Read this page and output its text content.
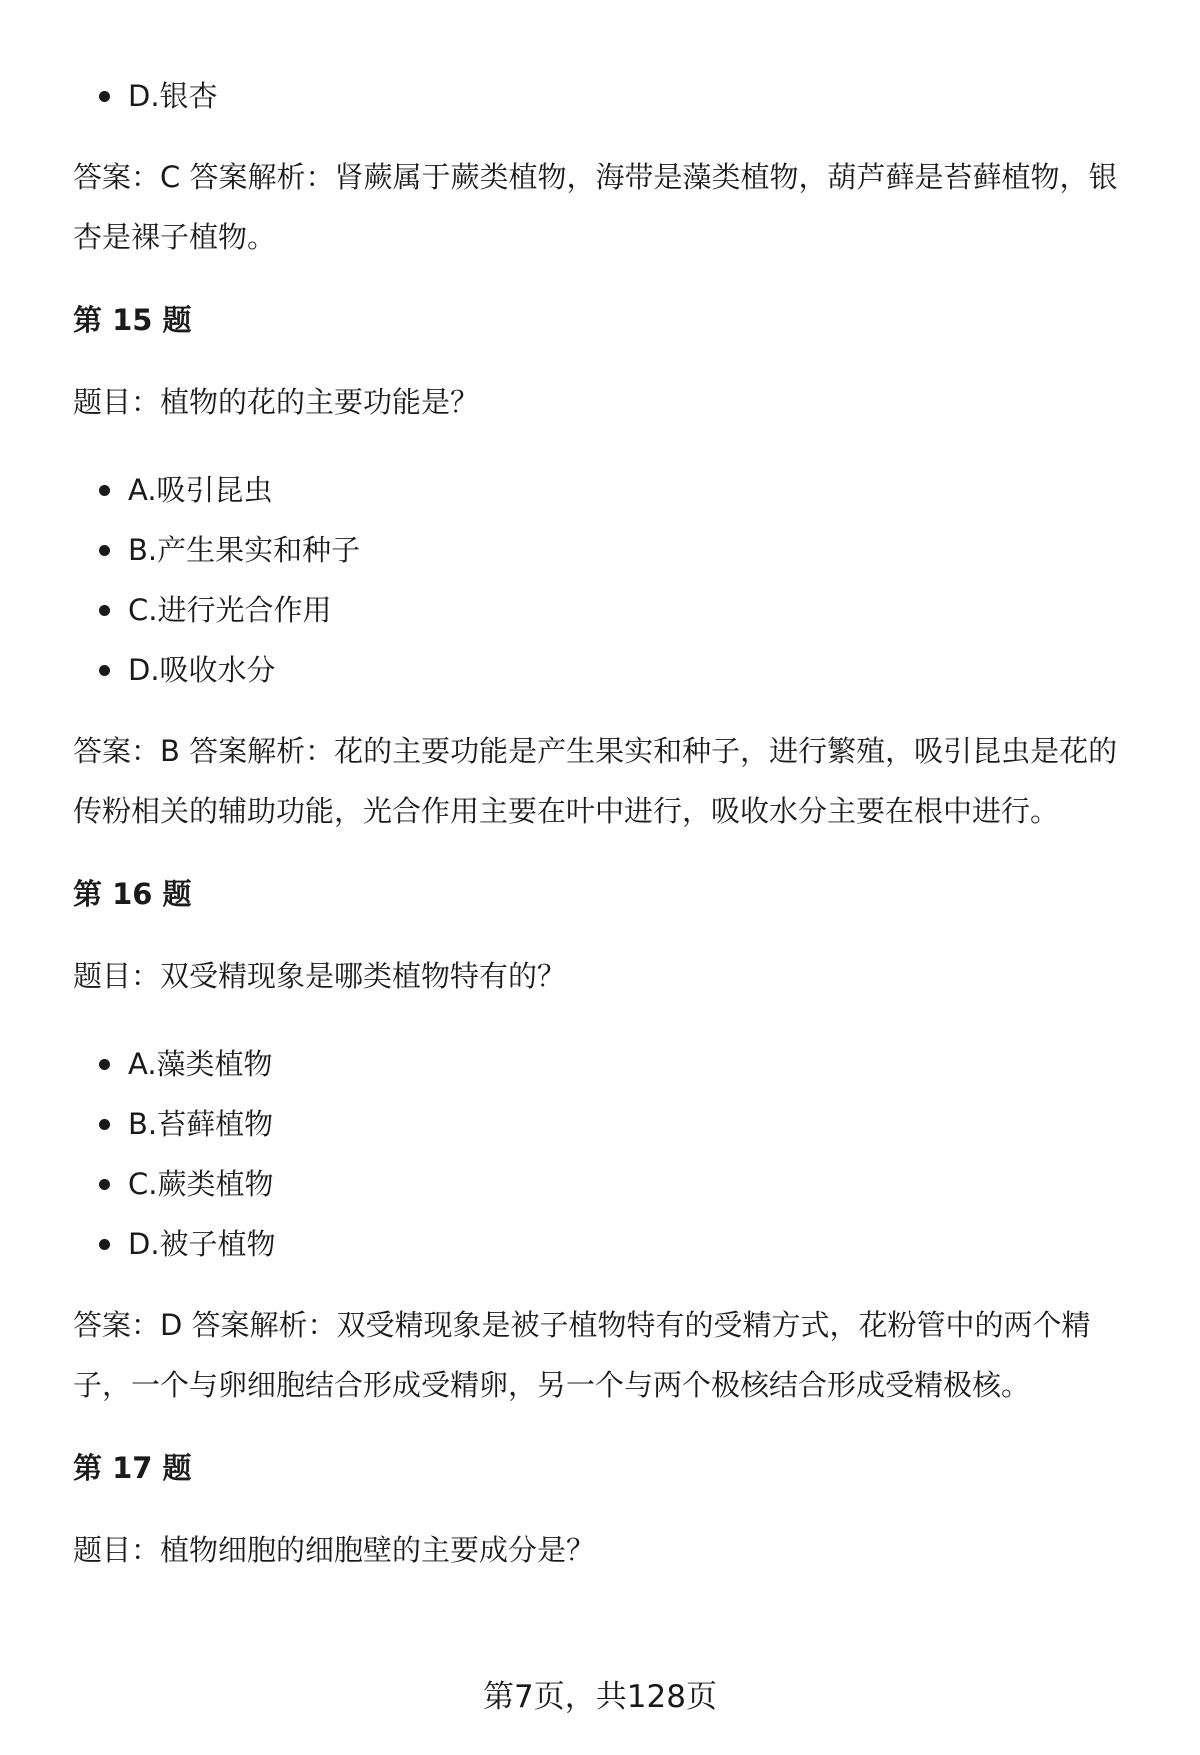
D.银杏

答案：C 答案解析：肾蕨属于蕨类植物，海带是藻类植物，葫芦藓是苔藓植物，银

杏是裸子植物。

第 15 题

题目：植物的花的主要功能是？

A.吸引昆虫
B.产生果实和种子
C.进行光合作用
D.吸收水分

答案：B 答案解析：花的主要功能是产生果实和种子，进行繁殖，吸引昆虫是花的

传粉相关的辅助功能，光合作用主要在叶中进行，吸收水分主要在根中进行。

第 16 题

题目：双受精现象是哪类植物特有的？

A.藻类植物
B.苔藓植物
C.蕨类植物
D.被子植物

答案：D 答案解析：双受精现象是被子植物特有的受精方式，花粉管中的两个精

子，一个与卵细胞结合形成受精卵，另一个与两个极核结合形成受精极核。

第 17 题

题目：植物细胞的细胞壁的主要成分是？

第7页，共128页
